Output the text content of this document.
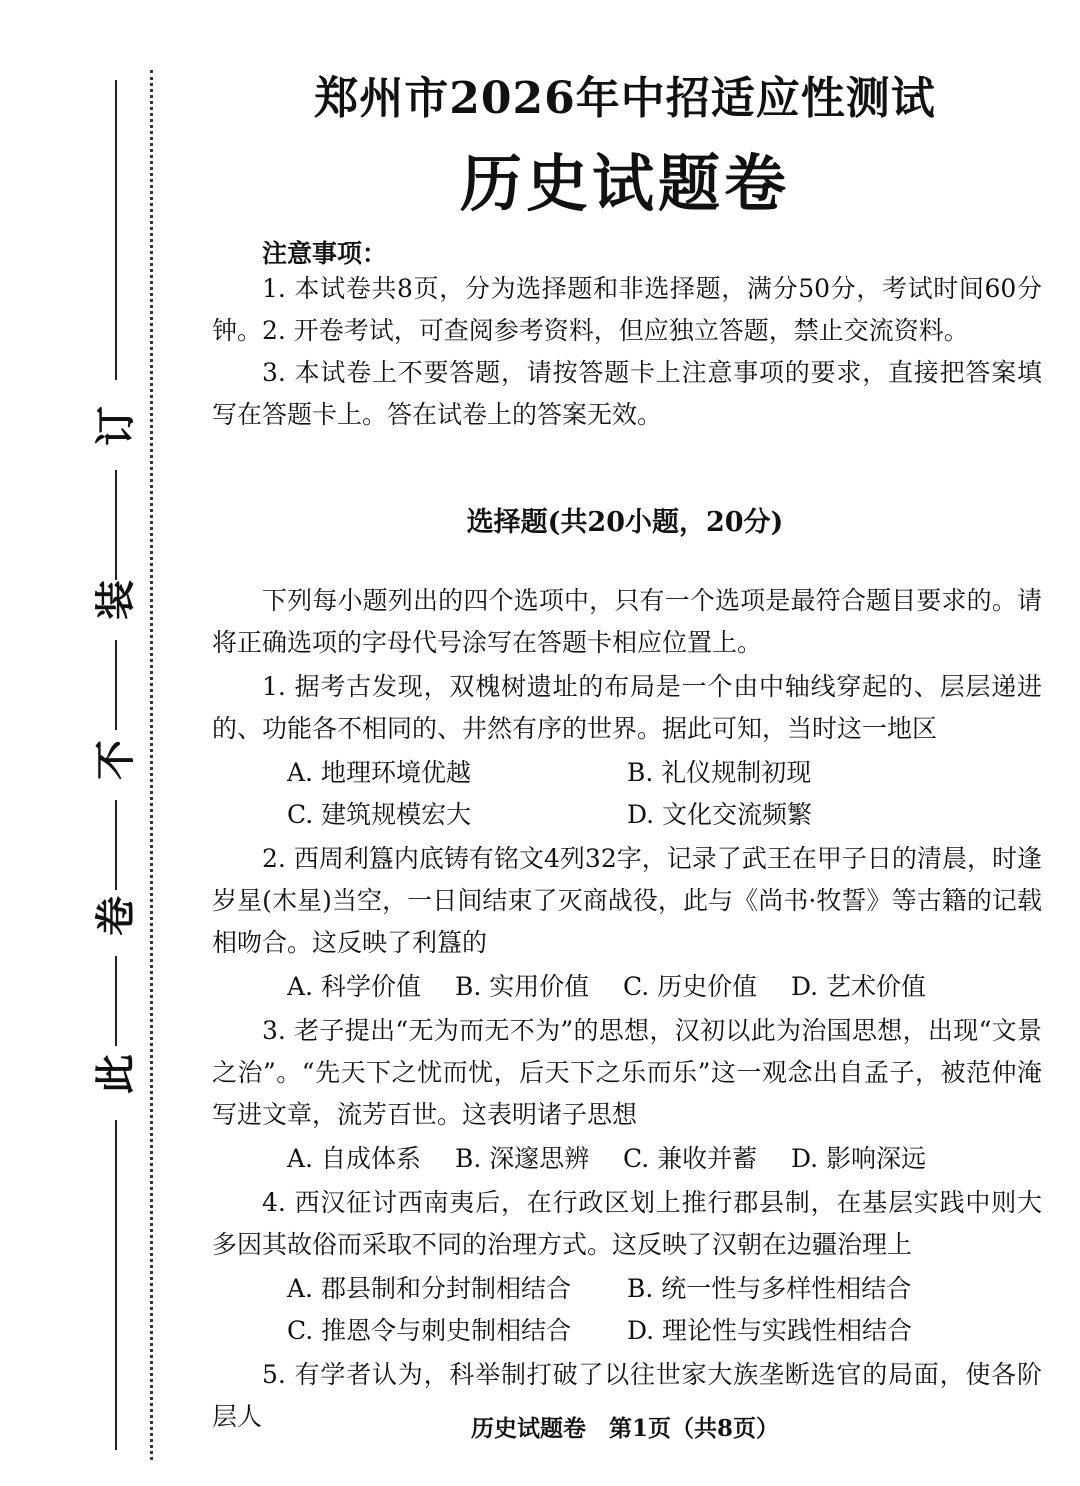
订
装
不
卷
此
郑州市2026年中招适应性测试
历史试题卷
注意事项：

1. 本试卷共8页，分为选择题和非选择题，满分50分，考试时间60分钟。 2. 开卷考试，可查阅参考资料，但应独立答题，禁止交流资料。

3. 本试卷上不要答题，请按答题卡上注意事项的要求，直接把答案填写在答题卡上。答在试卷上的答案无效。

选择题(共20小题，20分)

下列每小题列出的四个选项中，只有一个选项是最符合题目要求的。请将正确选项的字母代号涂写在答题卡相应位置上。

1. 据考古发现，双槐树遗址的布局是一个由中轴线穿起的、层层递进的、功能各不相同的、井然有序的世界。据此可知，当时这一地区

A. 地理环境优越	B. 礼仪规制初现
C. 建筑规模宏大	D. 文化交流频繁

2. 西周利簋内底铸有铭文4列32字，记录了武王在甲子日的清晨，时逢岁星(木星)当空，一日间结束了灭商战役，此与《尚书·牧誓》等古籍的记载相吻合。这反映了利簋的

A. 科学价值 B. 实用价值 C. 历史价值 D. 艺术价值

3. 老子提出“无为而无不为”的思想，汉初以此为治国思想，出现“文景之治”。“先天下之忧而忧，后天下之乐而乐”这一观念出自孟子，被范仲淹写进文章，流芳百世。这表明诸子思想

A. 自成体系 B. 深邃思辨 C. 兼收并蓄 D. 影响深远

4. 西汉征讨西南夷后，在行政区划上推行郡县制，在基层实践中则大多因其故俗而采取不同的治理方式。这反映了汉朝在边疆治理上

A. 郡县制和分封制相结合 B. 统一性与多样性相结合
C. 推恩令与刺史制相结合 D. 理论性与实践性相结合

5. 有学者认为，科举制打破了以往世家大族垄断选官的局面，使各阶层人	历史试题卷　第1页（共8页）
